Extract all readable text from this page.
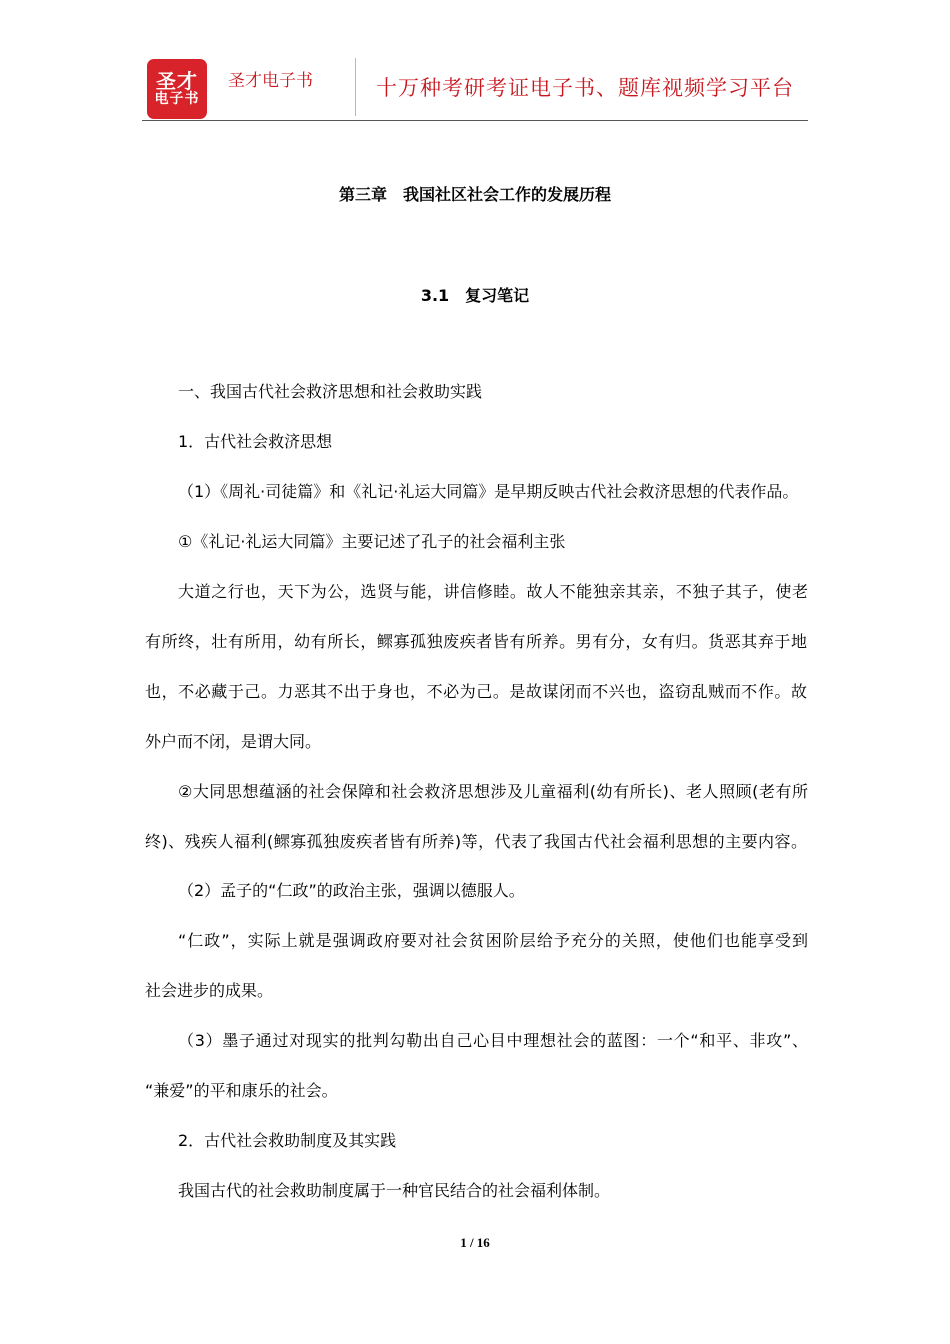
圣才
电子书
圣才电子书	十万种考研考证电子书、题库视频学习平台
第三章　我国社区社会工作的发展历程
3.1　复习笔记
一、我国古代社会救济思想和社会救助实践
1．古代社会救济思想
（1）《周礼·司徒篇》和《礼记·礼运大同篇》是早期反映古代社会救济思想的代表作品。
①《礼记·礼运大同篇》主要记述了孔子的社会福利主张
大道之行也，天下为公，选贤与能，讲信修睦。故人不能独亲其亲，不独子其子，使老
有所终，壮有所用，幼有所长，鳏寡孤独废疾者皆有所养。男有分，女有归。货恶其弃于地
也，不必藏于己。力恶其不出于身也，不必为己。是故谋闭而不兴也，盗窃乱贼而不作。故
外户而不闭，是谓大同。
②大同思想蕴涵的社会保障和社会救济思想涉及儿童福利(幼有所长)、老人照顾(老有所
终)、残疾人福利(鳏寡孤独废疾者皆有所养)等，代表了我国古代社会福利思想的主要内容。
（2）孟子的“仁政”的政治主张，强调以德服人。
“仁政”，实际上就是强调政府要对社会贫困阶层给予充分的关照，使他们也能享受到
社会进步的成果。
（3）墨子通过对现实的批判勾勒出自己心目中理想社会的蓝图：一个“和平、非攻”、
“兼爱”的平和康乐的社会。
2．古代社会救助制度及其实践
我国古代的社会救助制度属于一种官民结合的社会福利体制。
1 / 16
